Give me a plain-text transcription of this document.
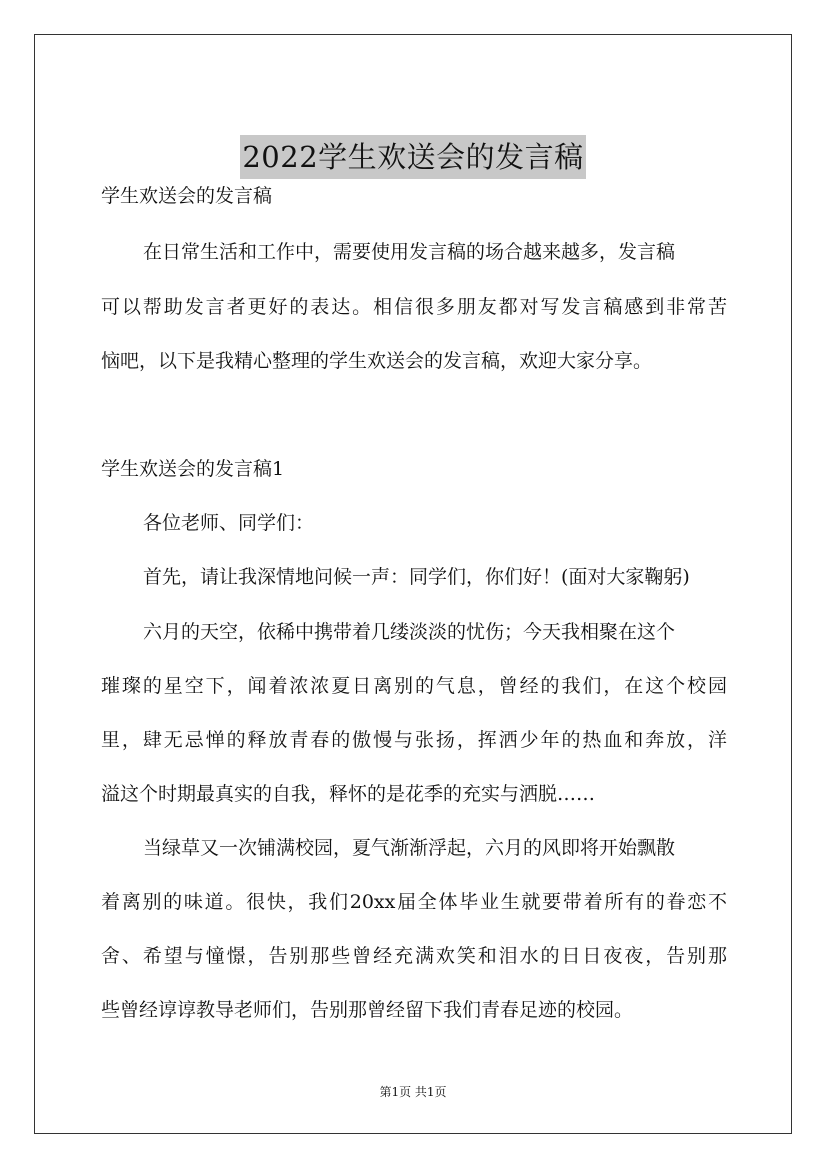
2022学生欢送会的发言稿
学生欢送会的发言稿
在日常生活和工作中，需要使用发言稿的场合越来越多，发言稿
可以帮助发言者更好的表达。相信很多朋友都对写发言稿感到非常苦
恼吧，以下是我精心整理的学生欢送会的发言稿，欢迎大家分享。
学生欢送会的发言稿1
各位老师、同学们：
首先，请让我深情地问候一声：同学们，你们好！(面对大家鞠躬)
六月的天空，依稀中携带着几缕淡淡的忧伤；今天我相聚在这个
璀璨的星空下，闻着浓浓夏日离别的气息，曾经的我们，在这个校园
里，肆无忌惮的释放青春的傲慢与张扬，挥洒少年的热血和奔放，洋
溢这个时期最真实的自我，释怀的是花季的充实与洒脱……
当绿草又一次铺满校园，夏气渐渐浮起，六月的风即将开始飘散
着离别的味道。很快，我们20xx届全体毕业生就要带着所有的眷恋不
舍、希望与憧憬，告别那些曾经充满欢笑和泪水的日日夜夜，告别那
些曾经谆谆教导老师们，告别那曾经留下我们青春足迹的校园。
第1页 共1页
